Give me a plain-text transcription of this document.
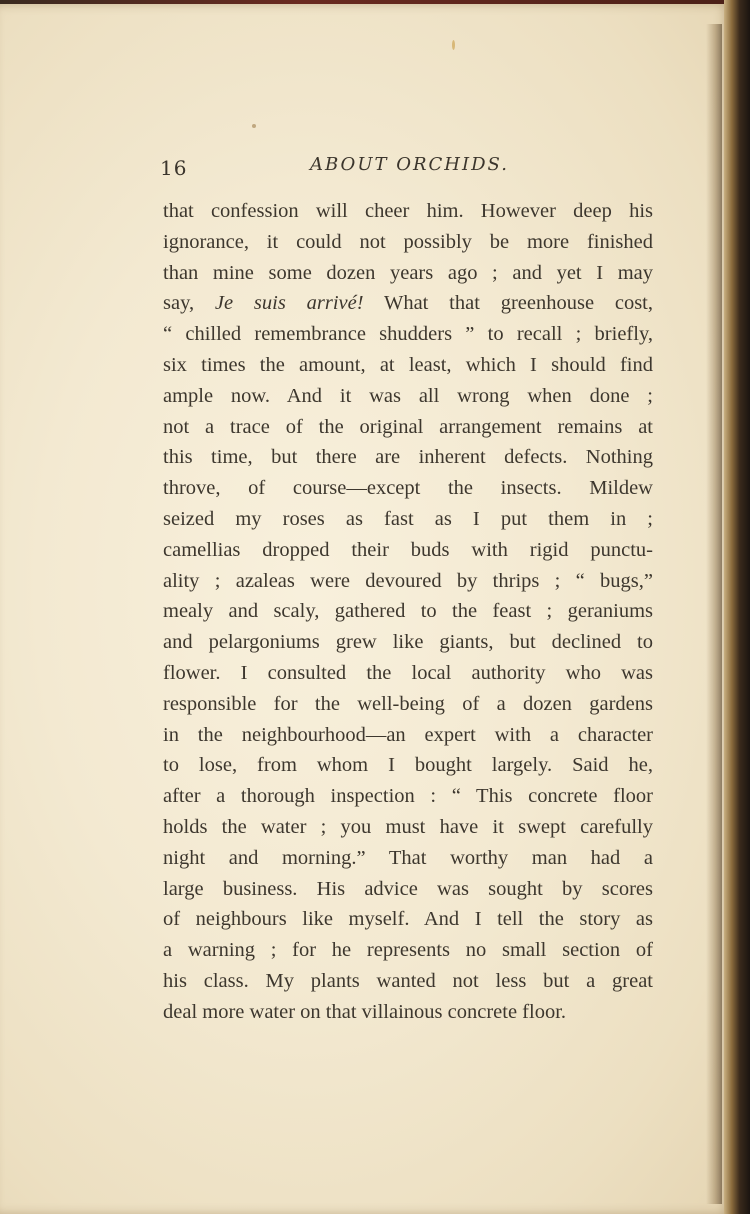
16	ABOUT ORCHIDS.
that confession will cheer him. However deep his
ignorance, it could not possibly be more finished
than mine some dozen years ago ; and yet I may
say, Je suis arrivé! What that greenhouse cost,
“ chilled remembrance shudders ” to recall ; briefly,
six times the amount, at least, which I should find
ample now. And it was all wrong when done ;
not a trace of the original arrangement remains at
this time, but there are inherent defects. Nothing
throve, of course—except the insects. Mildew
seized my roses as fast as I put them in ;
camellias dropped their buds with rigid punctu-
ality ; azaleas were devoured by thrips ; “ bugs,”
mealy and scaly, gathered to the feast ; geraniums
and pelargoniums grew like giants, but declined to
flower. I consulted the local authority who was
responsible for the well-being of a dozen gardens
in the neighbourhood—an expert with a character
to lose, from whom I bought largely. Said he,
after a thorough inspection : “ This concrete floor
holds the water ; you must have it swept carefully
night and morning.” That worthy man had a
large business. His advice was sought by scores
of neighbours like myself. And I tell the story as
a warning ; for he represents no small section of
his class. My plants wanted not less but a great
deal more water on that villainous concrete floor.
